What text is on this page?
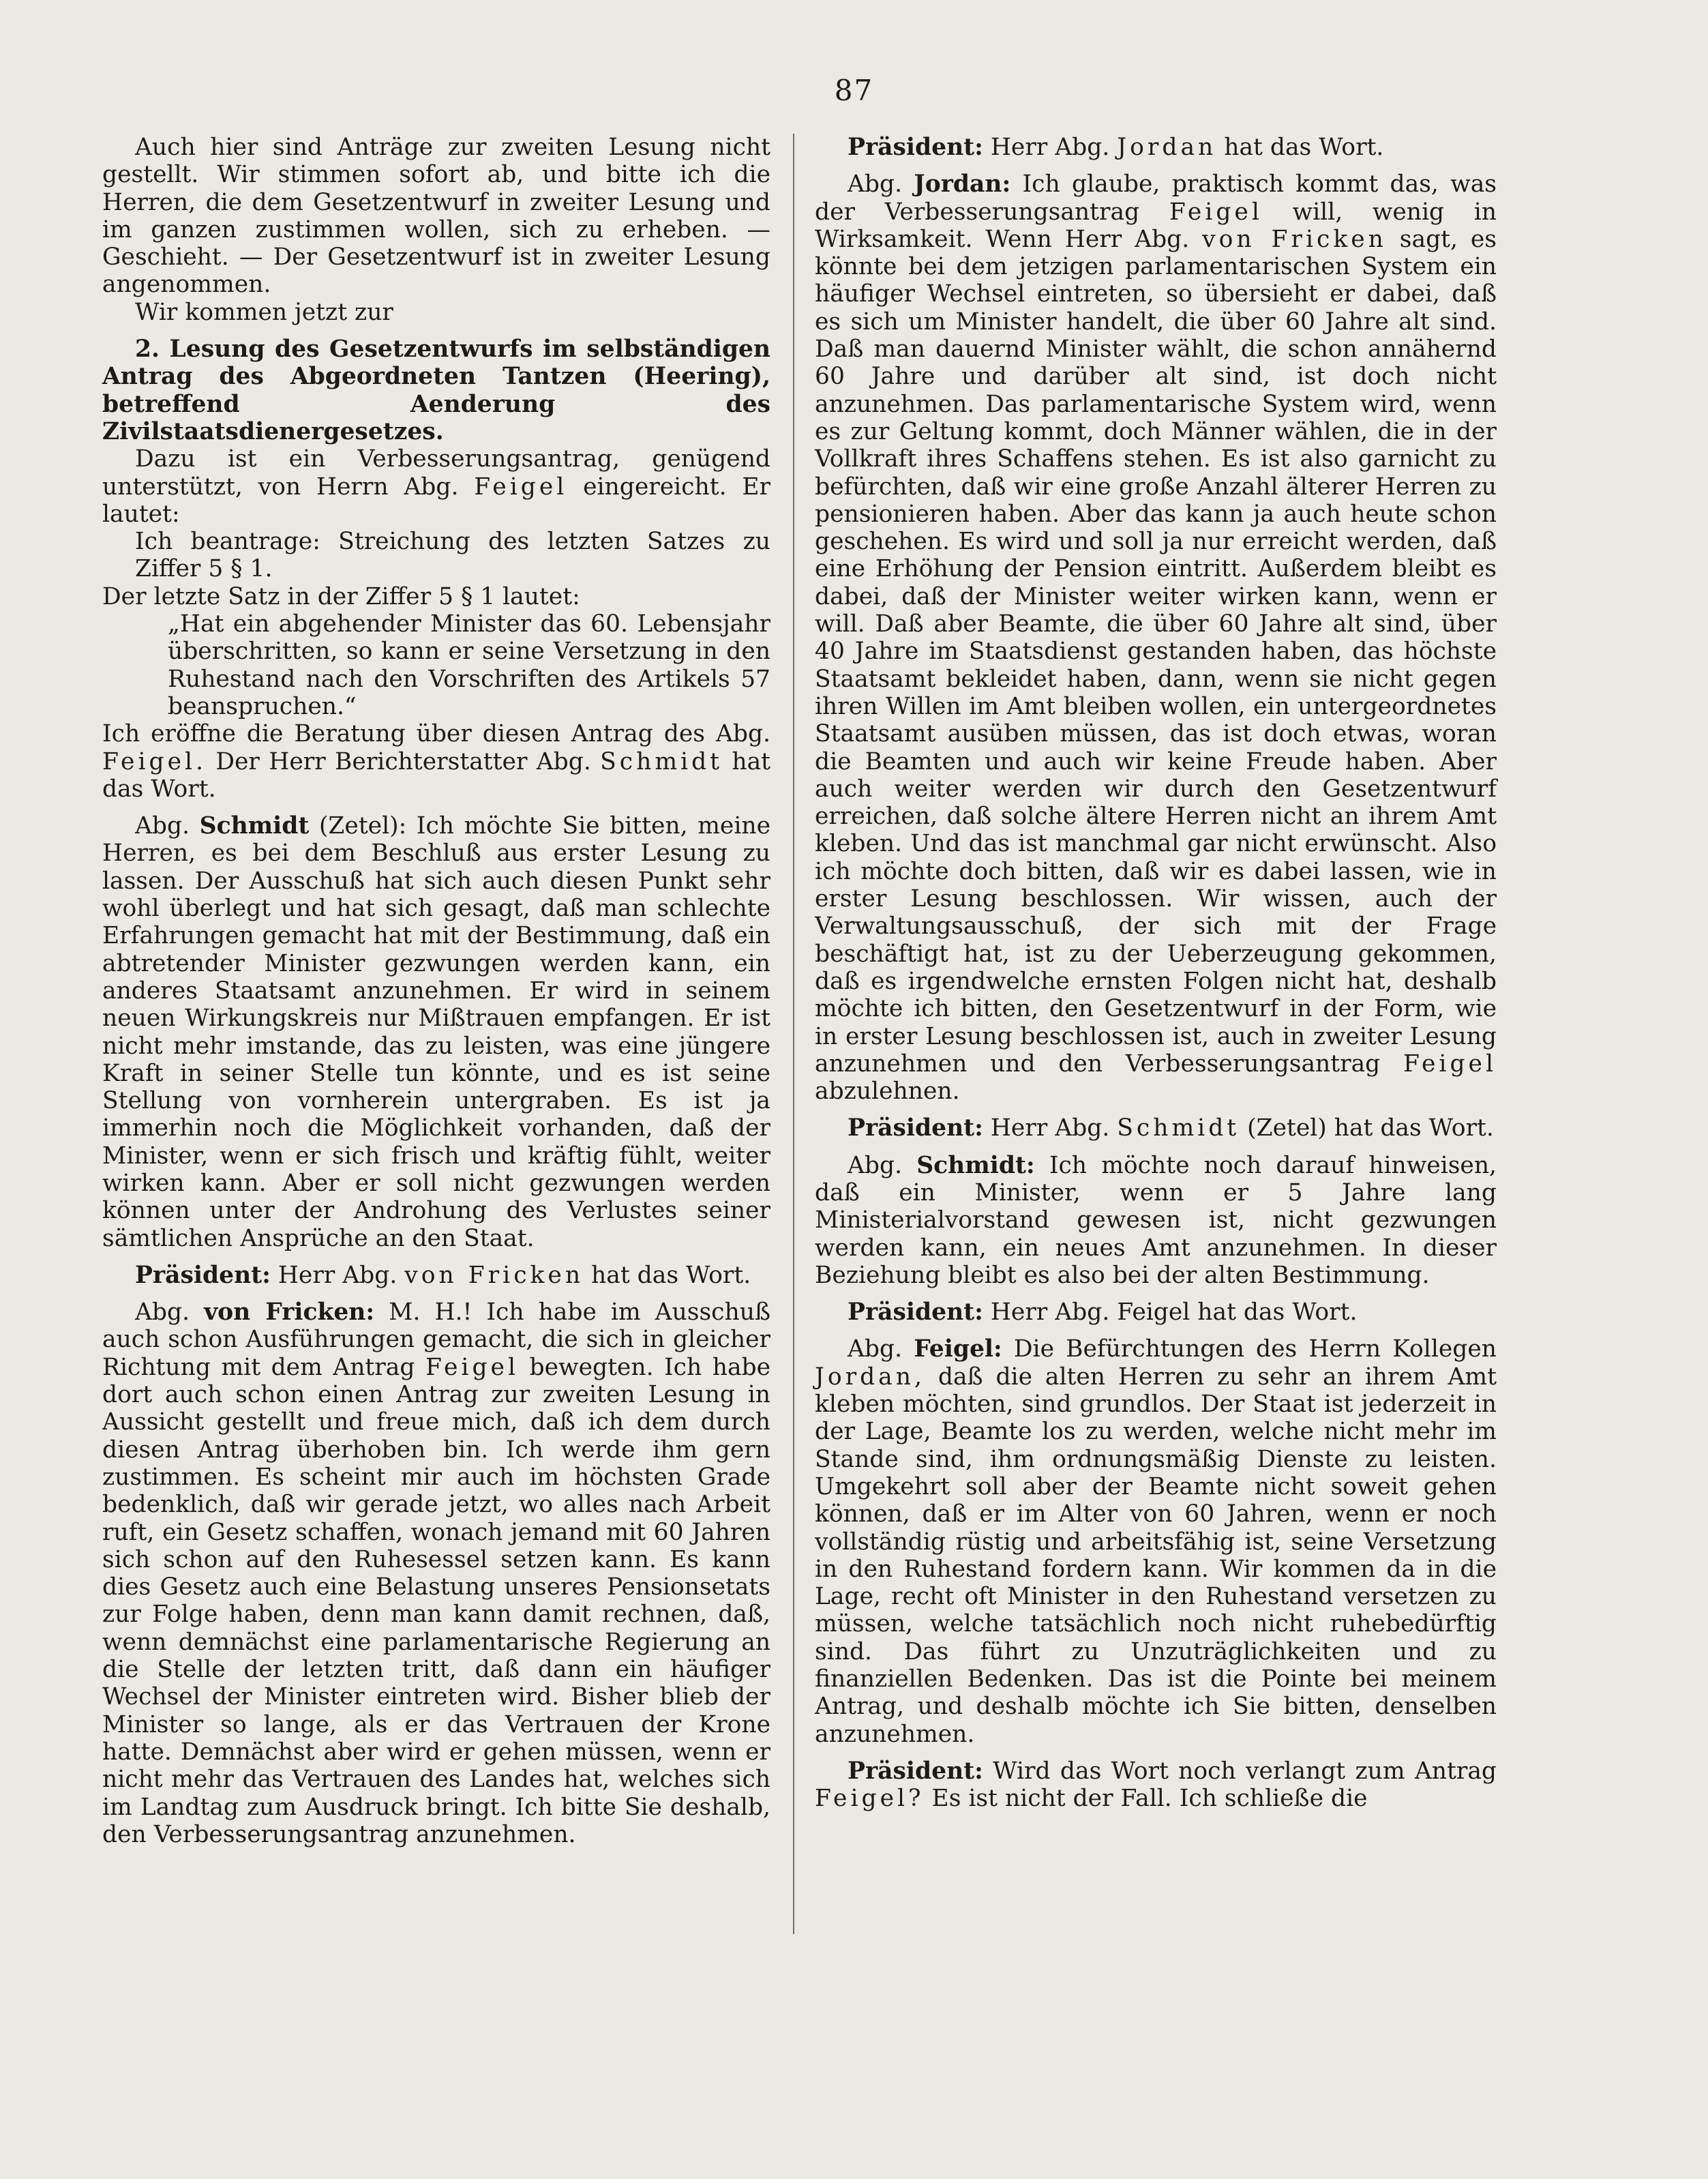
87

Auch hier sind Anträge zur zweiten Lesung nicht gestellt. Wir stimmen sofort ab, und bitte ich die Herren, die dem Gesetzentwurf in zweiter Lesung und im ganzen zustimmen wollen, sich zu erheben. — Geschieht. — Der Gesetzentwurf ist in zweiter Lesung angenommen.

Wir kommen jetzt zur

2. Lesung des Gesetzentwurfs im selbständigen Antrag des Abgeordneten Tantzen (Heering), betreffend Aenderung des Zivilstaatsdienergesetzes.

Dazu ist ein Verbesserungsantrag, genügend unterstützt, von Herrn Abg. Feigel eingereicht. Er lautet:

Ich beantrage: Streichung des letzten Satzes zu Ziffer 5 § 1.

Der letzte Satz in der Ziffer 5 § 1 lautet:

„Hat ein abgehender Minister das 60. Lebensjahr überschritten, so kann er seine Versetzung in den Ruhestand nach den Vorschriften des Artikels 57 beanspruchen.“

Ich eröffne die Beratung über diesen Antrag des Abg. Feigel. Der Herr Berichterstatter Abg. Schmidt hat das Wort.

Abg. Schmidt (Zetel): Ich möchte Sie bitten, meine Herren, es bei dem Beschluß aus erster Lesung zu lassen. Der Ausschuß hat sich auch diesen Punkt sehr wohl überlegt und hat sich gesagt, daß man schlechte Erfahrungen gemacht hat mit der Bestimmung, daß ein abtretender Minister gezwungen werden kann, ein anderes Staatsamt anzunehmen. Er wird in seinem neuen Wirkungskreis nur Mißtrauen empfangen. Er ist nicht mehr imstande, das zu leisten, was eine jüngere Kraft in seiner Stelle tun könnte, und es ist seine Stellung von vornherein untergraben. Es ist ja immerhin noch die Möglichkeit vorhanden, daß der Minister, wenn er sich frisch und kräftig fühlt, weiter wirken kann. Aber er soll nicht gezwungen werden können unter der Androhung des Verlustes seiner sämtlichen Ansprüche an den Staat.

Präsident: Herr Abg. von Fricken hat das Wort.

Abg. von Fricken: M. H.! Ich habe im Ausschuß auch schon Ausführungen gemacht, die sich in gleicher Richtung mit dem Antrag Feigel bewegten. Ich habe dort auch schon einen Antrag zur zweiten Lesung in Aussicht gestellt und freue mich, daß ich dem durch diesen Antrag überhoben bin. Ich werde ihm gern zustimmen. Es scheint mir auch im höchsten Grade bedenklich, daß wir gerade jetzt, wo alles nach Arbeit ruft, ein Gesetz schaffen, wonach jemand mit 60 Jahren sich schon auf den Ruhesessel setzen kann. Es kann dies Gesetz auch eine Belastung unseres Pensionsetats zur Folge haben, denn man kann damit rechnen, daß, wenn demnächst eine parlamentarische Regierung an die Stelle der letzten tritt, daß dann ein häufiger Wechsel der Minister eintreten wird. Bisher blieb der Minister so lange, als er das Vertrauen der Krone hatte. Demnächst aber wird er gehen müssen, wenn er nicht mehr das Vertrauen des Landes hat, welches sich im Landtag zum Ausdruck bringt. Ich bitte Sie deshalb, den Verbesserungsantrag anzunehmen.

Präsident: Herr Abg. Jordan hat das Wort.

Abg. Jordan: Ich glaube, praktisch kommt das, was der Verbesserungsantrag Feigel will, wenig in Wirksamkeit. Wenn Herr Abg. von Fricken sagt, es könnte bei dem jetzigen parlamentarischen System ein häufiger Wechsel eintreten, so übersieht er dabei, daß es sich um Minister handelt, die über 60 Jahre alt sind. Daß man dauernd Minister wählt, die schon annähernd 60 Jahre und darüber alt sind, ist doch nicht anzunehmen. Das parlamentarische System wird, wenn es zur Geltung kommt, doch Männer wählen, die in der Vollkraft ihres Schaffens stehen. Es ist also garnicht zu befürchten, daß wir eine große Anzahl älterer Herren zu pensionieren haben. Aber das kann ja auch heute schon geschehen. Es wird und soll ja nur erreicht werden, daß eine Erhöhung der Pension eintritt. Außerdem bleibt es dabei, daß der Minister weiter wirken kann, wenn er will. Daß aber Beamte, die über 60 Jahre alt sind, über 40 Jahre im Staatsdienst gestanden haben, das höchste Staatsamt bekleidet haben, dann, wenn sie nicht gegen ihren Willen im Amt bleiben wollen, ein untergeordnetes Staatsamt ausüben müssen, das ist doch etwas, woran die Beamten und auch wir keine Freude haben. Aber auch weiter werden wir durch den Gesetzentwurf erreichen, daß solche ältere Herren nicht an ihrem Amt kleben. Und das ist manchmal gar nicht erwünscht. Also ich möchte doch bitten, daß wir es dabei lassen, wie in erster Lesung beschlossen. Wir wissen, auch der Verwaltungsausschuß, der sich mit der Frage beschäftigt hat, ist zu der Ueberzeugung gekommen, daß es irgendwelche ernsten Folgen nicht hat, deshalb möchte ich bitten, den Gesetzentwurf in der Form, wie in erster Lesung beschlossen ist, auch in zweiter Lesung anzunehmen und den Verbesserungsantrag Feigel abzulehnen.

Präsident: Herr Abg. Schmidt (Zetel) hat das Wort.

Abg. Schmidt: Ich möchte noch darauf hinweisen, daß ein Minister, wenn er 5 Jahre lang Ministerialvorstand gewesen ist, nicht gezwungen werden kann, ein neues Amt anzunehmen. In dieser Beziehung bleibt es also bei der alten Bestimmung.

Präsident: Herr Abg. Feigel hat das Wort.

Abg. Feigel: Die Befürchtungen des Herrn Kollegen Jordan, daß die alten Herren zu sehr an ihrem Amt kleben möchten, sind grundlos. Der Staat ist jederzeit in der Lage, Beamte los zu werden, welche nicht mehr im Stande sind, ihm ordnungsmäßig Dienste zu leisten. Umgekehrt soll aber der Beamte nicht soweit gehen können, daß er im Alter von 60 Jahren, wenn er noch vollständig rüstig und arbeitsfähig ist, seine Versetzung in den Ruhestand fordern kann. Wir kommen da in die Lage, recht oft Minister in den Ruhestand versetzen zu müssen, welche tatsächlich noch nicht ruhebedürftig sind. Das führt zu Unzuträglichkeiten und zu finanziellen Bedenken. Das ist die Pointe bei meinem Antrag, und deshalb möchte ich Sie bitten, denselben anzunehmen.

Präsident: Wird das Wort noch verlangt zum Antrag Feigel? Es ist nicht der Fall. Ich schließe die
